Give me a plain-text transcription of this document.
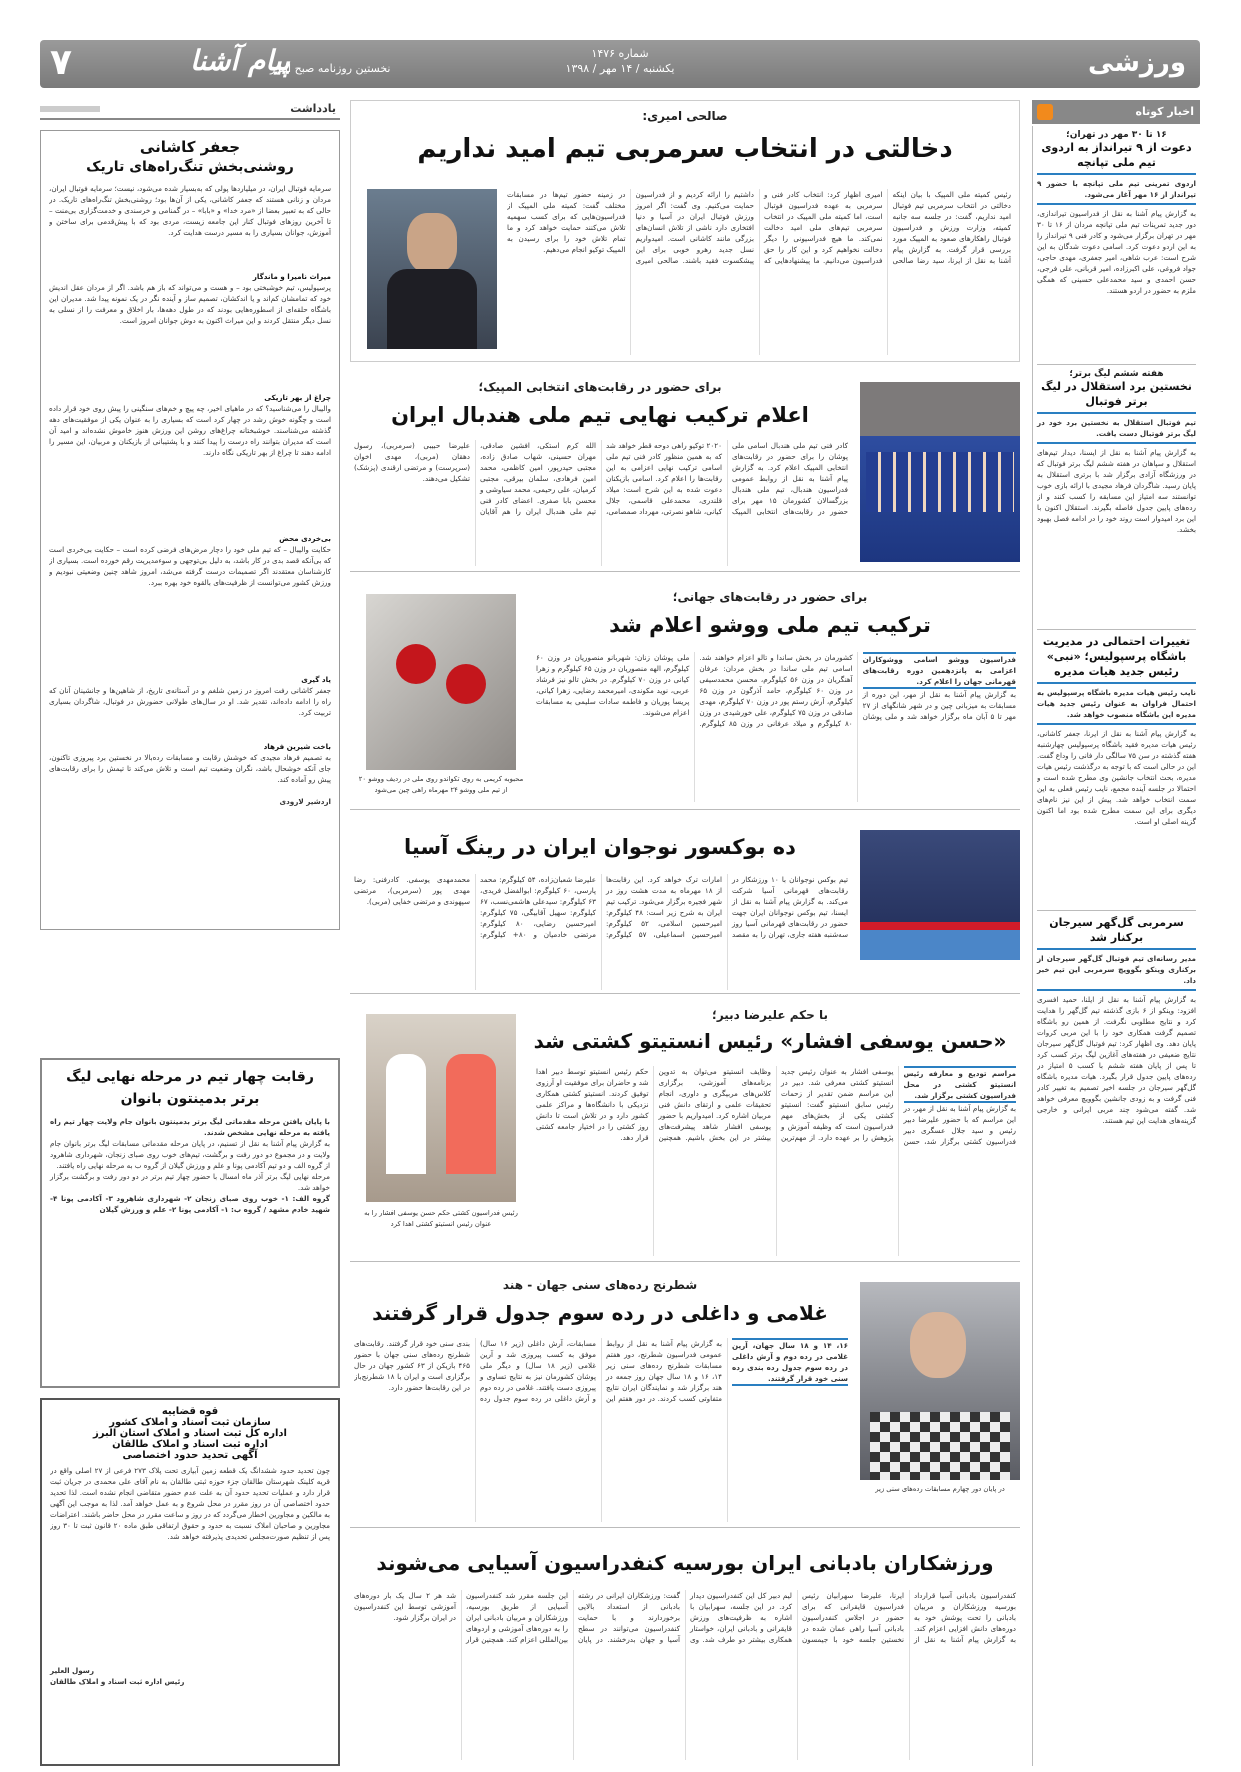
۷	پیام آشنا
نخستین روزنامه صبح البرز
شماره ۱۴۷۶
یکشنبه / ۱۴ مهر / ۱۳۹۸	ورزشی
اخبار کوتاه
۱۶ تا ۳۰ مهر در تهران؛
دعوت از ۹ تیرانداز به اردوی تیم ملی تپانچه
اردوی تمرینی تیم ملی تپانچه با حضور ۹ تیرانداز از ۱۶ مهر آغاز می‌شود.
به گزارش پیام آشنا به نقل از فدراسیون تیراندازی، دور جدید تمرینات تیم ملی تپانچه مردان از ۱۶ تا ۳۰ مهر در تهران برگزار می‌شود و کادر فنی ۹ تیرانداز را به این اردو دعوت کرد. اسامی دعوت شدگان به این شرح است: عرب شاهی، امیر جعفری، مهدی حاجی، جواد فروغی، علی اکبرزاده، امیر قربانی، علی فرجی، حسن احمدی و سید محمدعلی حسینی که همگی ملزم به حضور در اردو هستند.
هفته ششم لیگ برتر؛
نخستین برد استقلال در لیگ برتر فوتبال
تیم فوتبال استقلال به نخستین برد خود در لیگ برتر فوتبال دست یافت.
به گزارش پیام آشنا به نقل از ایسنا، دیدار تیم‌های استقلال و سپاهان در هفته ششم لیگ برتر فوتبال که در ورزشگاه آزادی برگزار شد با برتری استقلال به پایان رسید. شاگردان فرهاد مجیدی با ارائه بازی خوب توانستند سه امتیاز این مسابقه را کسب کنند و از رده‌های پایین جدول فاصله بگیرند. استقلال اکنون با این برد امیدوار است روند خود را در ادامه فصل بهبود بخشد.
تغییرات احتمالی در مدیریت باشگاه پرسپولیس؛ «نبی» رئیس جدید هیات مدیره
نایب رئیس هیات مدیره باشگاه پرسپولیس به احتمال فراوان به عنوان رئیس جدید هیات مدیره این باشگاه منصوب خواهد شد.
به گزارش پیام آشنا به نقل از ایرنا، جعفر کاشانی، رئیس هیات مدیره فقید باشگاه پرسپولیس چهارشنبه هفته گذشته در سن ۷۵ سالگی دار فانی را وداع گفت. این در حالی است که با توجه به درگذشت رئیس هیات مدیره، بحث انتخاب جانشین وی مطرح شده است و احتمالا در جلسه آینده مجمع، نایب رئیس فعلی به این سمت انتخاب خواهد شد. پیش از این نیز نام‌های دیگری برای این سمت مطرح شده بود اما اکنون گزینه اصلی او است.
سرمربی گل‌گهر سیرجان برکنار شد
مدیر رسانه‌ای تیم فوتبال گل‌گهر سیرجان از برکناری وینکو بگوویچ سرمربی این تیم خبر داد.
به گزارش پیام آشنا به نقل از ایلنا، حمید افسری افزود: وینکو از ۶ بازی گذشته تیم گل‌گهر را هدایت کرد و نتایج مطلوبی نگرفت. از همین رو باشگاه تصمیم گرفت همکاری خود را با این مربی کروات پایان دهد. وی اظهار کرد: تیم فوتبال گل‌گهر سیرجان نتایج ضعیفی در هفته‌های آغازین لیگ برتر کسب کرد تا پس از پایان هفته ششم با کسب ۵ امتیاز در رده‌های پایین جدول قرار بگیرد. هیات مدیره باشگاه گل‌گهر سیرجان در جلسه اخیر تصمیم به تغییر کادر فنی گرفت و به زودی جانشین بگوویچ معرفی خواهد شد. گفته می‌شود چند مربی ایرانی و خارجی گزینه‌های هدایت این تیم هستند.
یادداشت
جعفر کاشانی
روشنی‌بخش تنگ‌راه‌های تاریک
سرمایه فوتبال ایران، در میلیاردها پولی که به‌بسیار شده می‌شود، نیست؛ سرمایه فوتبال ایران، مردان و زنانی هستند که جعفر کاشانی، یکی از آن‌ها بود؛ روشنی‌بخش تنگ‌راه‌های تاریک. در حالی که به تعبیر بعضا از «مرد خدا» و «بابا» – در گمنامی و خرسندی و خدمت‌گزاری بی‌منت – تا آخرین روزهای فوتبال کنار این جامعه زیست، مردی بود که با پیش‌قدمی برای ساختن و آموزش، جوانان بسیاری را به مسیر درست هدایت کرد.
میراث نامیرا و ماندگار
پرسپولیس، تیم خوشبختی بود – و هست و می‌تواند که باز هم باشد. اگر از مردان عقل اندیش خود که تمامشان کم‌اند و یا اندکشان، تصمیم ساز و آینده نگر در یک نمونه پیدا شد. مدیران این باشگاه حلقه‌ای از اسطوره‌هایی بودند که در طول دهه‌ها، بار اخلاق و معرفت را از نسلی به نسل دیگر منتقل کردند و این میراث اکنون به دوش جوانان امروز است.
چراغ از بهر تاریکی
والیبال را می‌شناسید؟ که در ماهیای اخیر، چه پیچ و خم‌های سنگینی را پیش روی خود قرار داده است و چگونه خوش رشد در چهار کرد است که بسیاری را به عنوان یکی از موفقیت‌های دهه گذشته می‌شناسند. خوشبختانه چراغ‌های روشن این ورزش هنوز خاموش نشده‌اند و امید آن است که مدیران بتوانند راه درست را پیدا کنند و با پشتیبانی از بازیکنان و مربیان، این مسیر را ادامه دهند تا چراغ از بهر تاریکی نگاه دارند.
بی‌خردی محض
حکایت والیبال – که تیم ملی خود را دچار مرض‌های فرضی کرده است – حکایت بی‌خردی است که بی‌آنکه قصد بدی در کار باشد، به دلیل بی‌توجهی و سوءمدیریت رقم خورده است. بسیاری از کارشناسان معتقدند اگر تصمیمات درست گرفته می‌شد، امروز شاهد چنین وضعیتی نبودیم و ورزش کشور می‌توانست از ظرفیت‌های بالقوه خود بهره ببرد.
یاد گیری
جعفر کاشانی رفت امروز در زمین شلغم و در آستانه‌ی تاریخ، از شاهین‌ها و جانشینان آنان که راه را ادامه داده‌اند، تقدیر شد. او در سال‌های طولانی حضورش در فوتبال، شاگردان بسیاری تربیت کرد.
باخت شیرین فرهاد
به تصمیم فرهاد مجیدی که خوشش رقابت و مسابقات رده‌بالا در نخستین برد پیروزی تاکنون، جای آنکه خوشحال باشد، نگران وضعیت تیم است و تلاش می‌کند تا تیمش را برای رقابت‌های پیش رو آماده کند.
اردشیر لارودی
رقابت چهار تیم در مرحله نهایی لیگ برتر بدمینتون بانوان
با پایان یافتن مرحله مقدماتی لیگ برتر بدمینتون بانوان جام ولایت چهار تیم راه یافته به مرحله نهایی مشخص شدند.
به گزارش پیام آشنا به نقل از تسنیم، در پایان مرحله مقدماتی مسابقات لیگ برتر بانوان جام ولایت و در مجموع دو دور رفت و برگشت، تیم‌های خوب روی صبای زنجان، شهرداری شاهرود از گروه الف و دو تیم آکادمی پونا و علم و ورزش گیلان از گروه ب به مرحله نهایی راه یافتند.
مرحله نهایی لیگ برتر آذر ماه امسال با حضور چهار تیم برتر در دو دور رفت و برگشت برگزار خواهد شد.
گروه الف: ۱- خوب روی صبای زنجان ۲- شهرداری شاهرود ۳- آکادمی پونا ۴- شهید خادم مشهد / گروه ب: ۱- آکادمی پونا ۲- علم و ورزش گیلان
قوه قضاییه
سازمان ثبت اسناد و املاک کشور
اداره کل ثبت اسناد و املاک استان البرز
اداره ثبت اسناد و املاک طالقان
آگهی تحدید حدود اختصاصی
چون تحدید حدود ششدانگ یک قطعه زمین آبیاری تحت پلاک ۲۷۳ فرعی از ۲۷ اصلی واقع در قریه کلینک شهرستان طالقان جزء حوزه ثبتی طالقان به نام آقای علی محمدی در جریان ثبت قرار دارد و عملیات تحدید حدود آن به علت عدم حضور متقاضی انجام نشده است. لذا تحدید حدود اختصاصی آن در روز مقرر در محل شروع و به عمل خواهد آمد. لذا به موجب این آگهی به مالکین و مجاورین اخطار می‌گردد که در روز و ساعت مقرر در محل حاضر باشند. اعتراضات مجاورین و صاحبان املاک نسبت به حدود و حقوق ارتفاقی طبق ماده ۲۰ قانون ثبت تا ۳۰ روز پس از تنظیم صورت‌مجلس تحدیدی پذیرفته خواهد شد.
رسول العلیر
رئیس اداره ثبت اسناد و املاک طالقان
صالحی امیری:
دخالتی در انتخاب سرمربی تیم امید نداریم
رئیس کمیته ملی المپیک با بیان اینکه دخالتی در انتخاب سرمربی تیم فوتبال امید نداریم، گفت: در جلسه سه جانبه کمیته، وزارت ورزش و فدراسیون فوتبال راهکارهای صعود به المپیک مورد بررسی قرار گرفت. به گزارش پیام آشنا به نقل از ایرنا، سید رضا صالحی امیری اظهار کرد: انتخاب کادر فنی و سرمربی به عهده فدراسیون فوتبال است، اما کمیته ملی المپیک در انتخاب سرمربی تیم‌های ملی امید دخالت نمی‌کند. ما هیچ فدراسیونی را دیگر دخالت نخواهیم کرد و این کار را حق فدراسیون می‌دانیم. ما پیشنهادهایی که داشتیم را ارائه کردیم و از فدراسیون حمایت می‌کنیم. وی گفت: اگر امروز ورزش فوتبال ایران در آسیا و دنیا افتخاری دارد ناشی از تلاش انسان‌های بزرگی مانند کاشانی است. امیدواریم نسل جدید رهرو خوبی برای این پیشکسوت فقید باشند. صالحی امیری در زمینه حضور تیم‌ها در مسابقات مختلف گفت: کمیته ملی المپیک از فدراسیون‌هایی که برای کسب سهمیه تلاش می‌کنند حمایت خواهد کرد و ما تمام تلاش خود را برای رسیدن به المپیک توکیو انجام می‌دهیم.
برای حضور در رقابت‌های انتخابی المپیک؛
اعلام ترکیب نهایی تیم ملی هندبال ایران
کادر فنی تیم ملی هندبال اسامی ملی پوشان را برای حضور در رقابت‌های انتخابی المپیک اعلام کرد. به گزارش پیام آشنا به نقل از روابط عمومی فدراسیون هندبال، تیم ملی هندبال بزرگسالان کشورمان ۱۵ مهر برای حضور در رقابت‌های انتخابی المپیک ۲۰۲۰ توکیو راهی دوحه قطر خواهد شد که به همین منظور کادر فنی تیم ملی اسامی ترکیب نهایی اعزامی به این رقابت‌ها را اعلام کرد. اسامی بازیکنان دعوت شده به این شرح است: میلاد قلندری، محمدعلی قاسمی، جلال کیانی، شاهو نصرتی، مهرداد صمصامی، الله کرم استکی، افشین صادقی، مهران حسینی، شهاب صادق زاده، مجتبی حیدرپور، امین کاظمی، محمد امین فرهادی، سلمان بیرقی، مجتبی کرمیان، علی رحیمی، محمد سیاوشی و محسن بابا صفری. اعضای کادر فنی تیم ملی هندبال ایران را هم آقایان علیرضا حبیبی (سرمربی)، رسول دهقان (مربی)، مهدی اخوان (سرپرست) و مرتضی ارقندی (پزشک) تشکیل می‌دهند.
برای حضور در رقابت‌های جهانی؛
ترکیب تیم ملی ووشو اعلام شد
محبوبه کریمی به روی تکواندو روی ملی در ردیف ووشو ۲۰ از تیم ملی ووشو ۲۴ مهرماه راهی چین می‌شود
فدراسیون ووشو اسامی ووشوکاران اعزامی به پانزدهمین دوره رقابت‌های قهرمانی جهان را اعلام کرد.
به گزارش پیام آشنا به نقل از مهر، این دوره از مسابقات به میزبانی چین و در شهر شانگهای از ۲۷ مهر تا ۵ آبان ماه برگزار خواهد شد و ملی پوشان کشورمان در بخش ساندا و تالو اعزام خواهند شد. اسامی تیم ملی ساندا در بخش مردان: عرفان آهنگریان در وزن ۵۶ کیلوگرم، محسن محمدسیفی در وزن ۶۰ کیلوگرم، حامد آذرگون در وزن ۶۵ کیلوگرم، آرش رستم پور در وزن ۷۰ کیلوگرم، مهدی صادقی در وزن ۷۵ کیلوگرم، علی خورشیدی در وزن ۸۰ کیلوگرم و میلاد عرفانی در وزن ۸۵ کیلوگرم. ملی پوشان زنان: شهربانو منصوریان در وزن ۶۰ کیلوگرم، الهه منصوریان در وزن ۶۵ کیلوگرم و زهرا کیانی در وزن ۷۰ کیلوگرم. در بخش تالو نیز فرشاد عربی، نوید مکوندی، امیرمحمد رضایی، زهرا کیانی، پریسا پوریان و فاطمه سادات سلیمی به مسابقات اعزام می‌شوند.
ده بوکسور نوجوان ایران در رینگ آسیا
تیم بوکس نوجوانان با ۱۰ ورزشکار در رقابت‌های قهرمانی آسیا شرکت می‌کند. به گزارش پیام آشنا به نقل از ایسنا، تیم بوکس نوجوانان ایران جهت حضور در رقابت‌های قهرمانی آسیا روز سه‌شنبه هفته جاری، تهران را به مقصد امارات ترک خواهد کرد. این رقابت‌ها از ۱۸ مهرماه به مدت هشت روز در شهر فجیره برگزار می‌شود. ترکیب تیم ایران به شرح زیر است: ۴۸ کیلوگرم: امیرحسین اسلامی، ۵۲ کیلوگرم: امیرحسین اسماعیلی، ۵۷ کیلوگرم: علیرضا شعبان‌زاده، ۵۴ کیلوگرم: محمد پارسی، ۶۰ کیلوگرم: ابوالفضل فریدی، ۶۳ کیلوگرم: سیدعلی هاشمی‌نسب، ۶۷ کیلوگرم: سهیل آقابیگی، ۷۵ کیلوگرم: امیرحسین رضایی، ۸۰ کیلوگرم: مرتضی خادمیان و ۸۰+ کیلوگرم: محمدمهدی یوسفی. کادرفنی: رضا مهدی پور (سرمربی)، مرتضی سپهوندی و مرتضی خفایی (مربی).
با حکم علیرضا دبیر؛
«حسن یوسفی افشار» رئیس انستیتو کشتی شد
رئیس فدراسیون کشتی حکم حسن یوسفی افشار را به عنوان رئیس انستیتو کشتی اهدا کرد
مراسم تودیع و معارفه رئیس انستیتو کشتی در محل فدراسیون کشتی برگزار شد.
به گزارش پیام آشنا به نقل از مهر، در این مراسم که با حضور علیرضا دبیر رئیس و سید جلال عسگری دبیر فدراسیون کشتی برگزار شد، حسن یوسفی افشار به عنوان رئیس جدید انستیتو کشتی معرفی شد. دبیر در این مراسم ضمن تقدیر از زحمات رئیس سابق انستیتو گفت: انستیتو کشتی یکی از بخش‌های مهم فدراسیون است که وظیفه آموزش و پژوهش را بر عهده دارد. از مهم‌ترین وظایف انستیتو می‌توان به تدوین برنامه‌های آموزشی، برگزاری کلاس‌های مربیگری و داوری، انجام تحقیقات علمی و ارتقای دانش فنی مربیان اشاره کرد. امیدواریم با حضور یوسفی افشار شاهد پیشرفت‌های بیشتر در این بخش باشیم. همچنین حکم رئیس انستیتو توسط دبیر اهدا شد و حاضران برای موفقیت او آرزوی توفیق کردند. انستیتو کشتی همکاری نزدیکی با دانشگاه‌ها و مراکز علمی کشور دارد و در تلاش است تا دانش روز کشتی را در اختیار جامعه کشتی قرار دهد.
در پایان دور چهارم مسابقات رده‌های سنی زیر
شطرنج رده‌های سنی جهان - هند
غلامی و داغلی در رده سوم جدول قرار گرفتند
۱۶، ۱۴ و ۱۸ سال جهان، آرین غلامی در رده دوم و آرش داغلی در رده سوم جدول رده بندی رده سنی خود قرار گرفتند.
به گزارش پیام آشنا به نقل از روابط عمومی فدراسیون شطرنج، دور هفتم مسابقات شطرنج رده‌های سنی زیر ۱۴، ۱۶ و ۱۸ سال جهان روز جمعه در هند برگزار شد و نمایندگان ایران نتایج متفاوتی کسب کردند. در دور هفتم این مسابقات، آرش داغلی (زیر ۱۶ سال) موفق به کسب پیروزی شد و آرین غلامی (زیر ۱۸ سال) و دیگر ملی پوشان کشورمان نیز به نتایج تساوی و پیروزی دست یافتند. غلامی در رده دوم و آرش داغلی در رده سوم جدول رده بندی سنی خود قرار گرفتند. رقابت‌های شطرنج رده‌های سنی جهان با حضور ۴۶۵ بازیکن از ۶۳ کشور جهان در حال برگزاری است و ایران با ۱۸ شطرنج‌باز در این رقابت‌ها حضور دارد.
ورزشکاران بادبانی ایران بورسیه کنفدراسیون آسیایی می‌شوند
کنفدراسیون بادبانی آسیا قرارداد بورسیه ورزشکاران و مربیان بادبانی را تحت پوشش خود به دوره‌های دانش افزایی اعزام کند. به گزارش پیام آشنا به نقل از ایرنا، علیرضا سهرابیان رئیس فدراسیون قایقرانی که برای حضور در اجلاس کنفدراسیون بادبانی آسیا راهی عمان شده در نخستین جلسه خود با جیمسون لیم دبیر کل این کنفدراسیون دیدار کرد. در این جلسه، سهرابیان با اشاره به ظرفیت‌های ورزش قایقرانی و بادبانی ایران، خواستار همکاری بیشتر دو طرف شد. وی گفت: ورزشکاران ایرانی در رشته بادبانی از استعداد بالایی برخوردارند و با حمایت کنفدراسیون می‌توانند در سطح آسیا و جهان بدرخشند. در پایان این جلسه مقرر شد کنفدراسیون آسیایی از طریق بورسیه، ورزشکاران و مربیان بادبانی ایران را به دوره‌های آموزشی و اردوهای بین‌المللی اعزام کند. همچنین قرار شد هر ۲ سال یک بار دوره‌های آموزشی توسط این کنفدراسیون در ایران برگزار شود.
